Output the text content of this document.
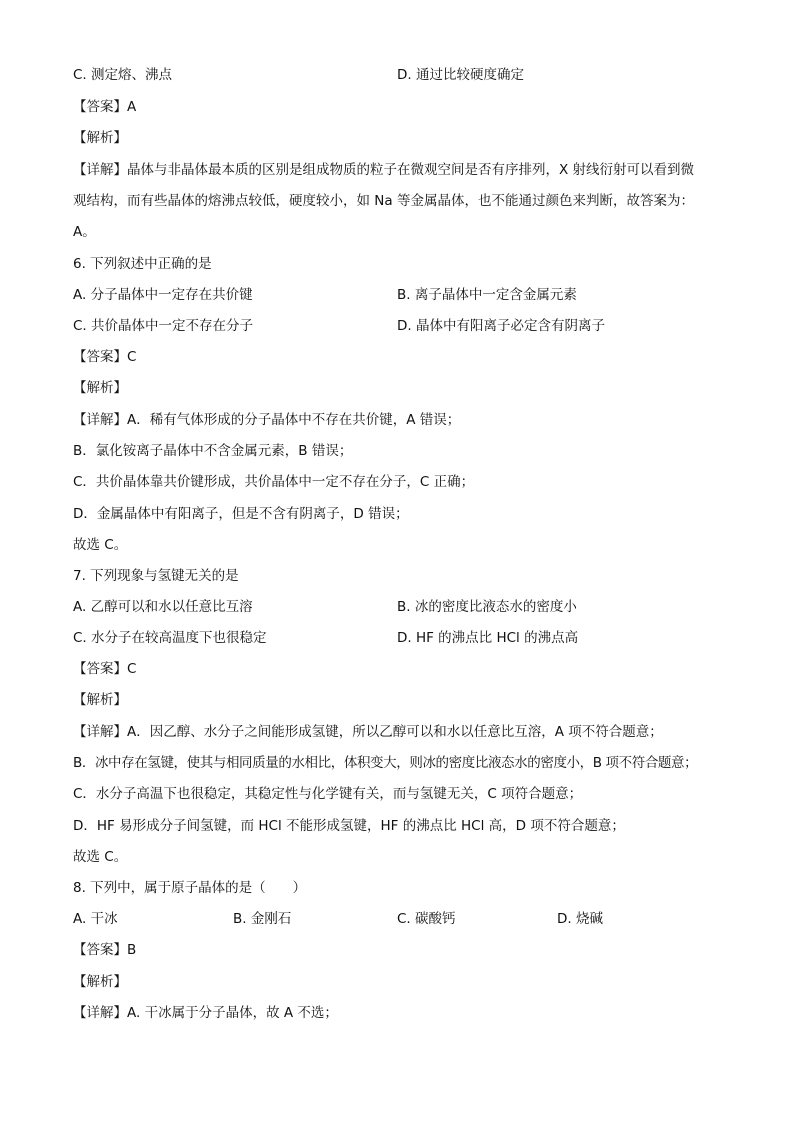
C. 测定熔、沸点	D. 通过比较硬度确定
【答案】A
【解析】
【详解】晶体与非晶体最本质的区别是组成物质的粒子在微观空间是否有序排列，X 射线衍射可以看到微
观结构，而有些晶体的熔沸点较低，硬度较小，如 Na 等金属晶体，也不能通过颜色来判断，故答案为：
A。
6. 下列叙述中正确的是
A. 分子晶体中一定存在共价键	B. 离子晶体中一定含金属元素
C. 共价晶体中一定不存在分子	D. 晶体中有阳离子必定含有阴离子
【答案】C
【解析】
【详解】A．稀有气体形成的分子晶体中不存在共价键，A 错误；
B．氯化铵离子晶体中不含金属元素，B 错误；
C．共价晶体靠共价键形成，共价晶体中一定不存在分子，C 正确；
D．金属晶体中有阳离子，但是不含有阴离子，D 错误；
故选 C。
7. 下列现象与氢键无关的是
A. 乙醇可以和水以任意比互溶	B. 冰的密度比液态水的密度小
C. 水分子在较高温度下也很稳定	D. HF 的沸点比 HCl 的沸点高
【答案】C
【解析】
【详解】A．因乙醇、水分子之间能形成氢键，所以乙醇可以和水以任意比互溶，A 项不符合题意；
B．冰中存在氢键，使其与相同质量的水相比，体积变大，则冰的密度比液态水的密度小，B 项不符合题意；
C．水分子高温下也很稳定，其稳定性与化学键有关，而与氢键无关，C 项符合题意；
D．HF 易形成分子间氢键，而 HCl 不能形成氢键，HF 的沸点比 HCl 高，D 项不符合题意；
故选 C。
8. 下列中，属于原子晶体的是（　　）
A. 干冰	B. 金刚石	C. 碳酸钙	D. 烧碱
【答案】B
【解析】
【详解】A. 干冰属于分子晶体，故 A 不选；
